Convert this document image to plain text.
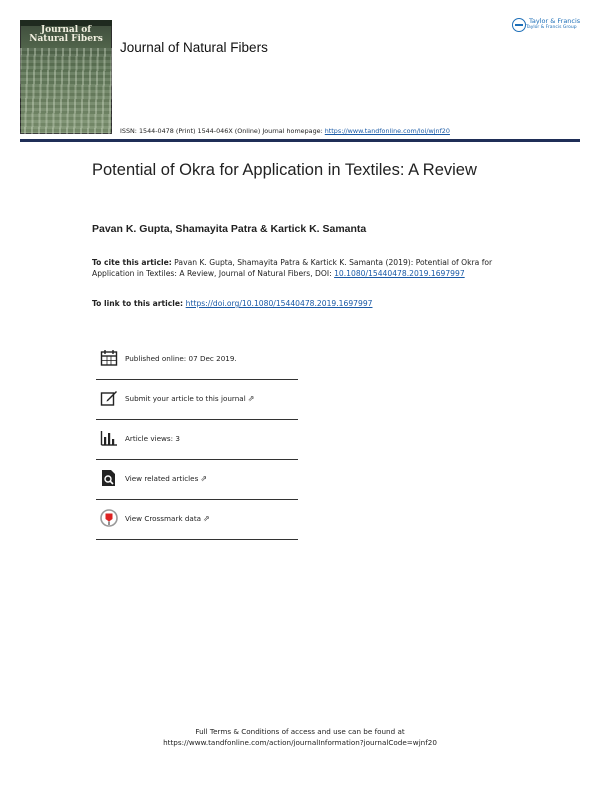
Journal of Natural Fibers
Journal of Natural Fibers
Taylor & Francis
Taylor & Francis Group
ISSN: 1544-0478 (Print) 1544-046X (Online) Journal homepage: https://www.tandfonline.com/loi/wjnf20
Potential of Okra for Application in Textiles: A Review
Pavan K. Gupta, Shamayita Patra & Kartick K. Samanta
To cite this article: Pavan K. Gupta, Shamayita Patra & Kartick K. Samanta (2019): Potential of Okra for Application in Textiles: A Review, Journal of Natural Fibers, DOI: 10.1080/15440478.2019.1697997
To link to this article: https://doi.org/10.1080/15440478.2019.1697997
Published online: 07 Dec 2019.
Submit your article to this journal ⇗
Article views: 3
View related articles ⇗
View Crossmark data ⇗
Full Terms & Conditions of access and use can be found at
https://www.tandfonline.com/action/journalInformation?journalCode=wjnf20
